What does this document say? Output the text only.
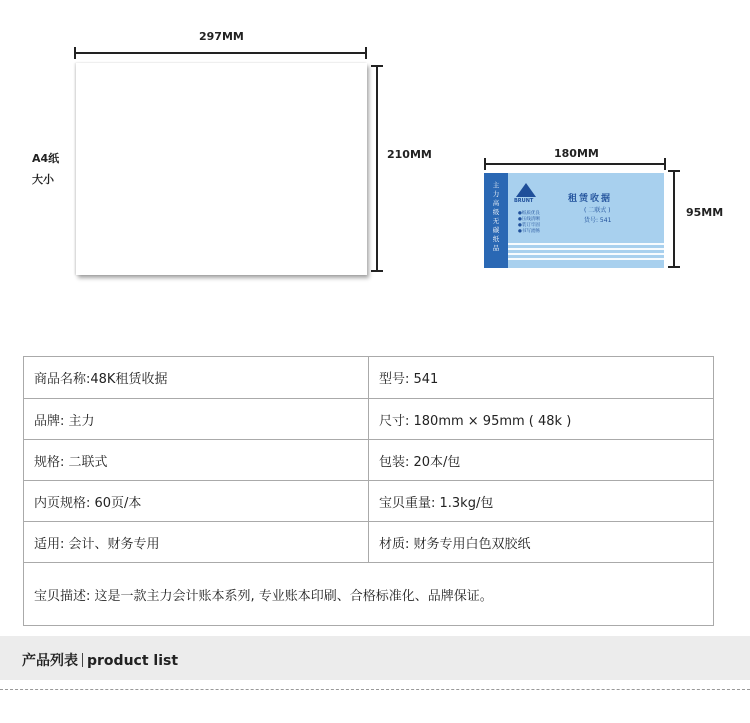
297MM
210MM
A4纸
大小
180MM
95MM
主力高级无碳纸品
BRUNT	租赁收据
( 二联式 )
货号: 541
●纸质优良
●压线清晰
●装订牢固
●书写流畅
商品名称:48K租赁收据	型号: 541
品牌: 主力	尺寸: 180mm × 95mm ( 48k )
规格: 二联式	包装: 20本/包
内页规格: 60页/本	宝贝重量: 1.3kg/包
适用: 会计、财务专用	材质: 财务专用白色双胶纸
宝贝描述: 这是一款主力会计账本系列, 专业账本印刷、合格标准化、品牌保证。	
产品列表 product list
